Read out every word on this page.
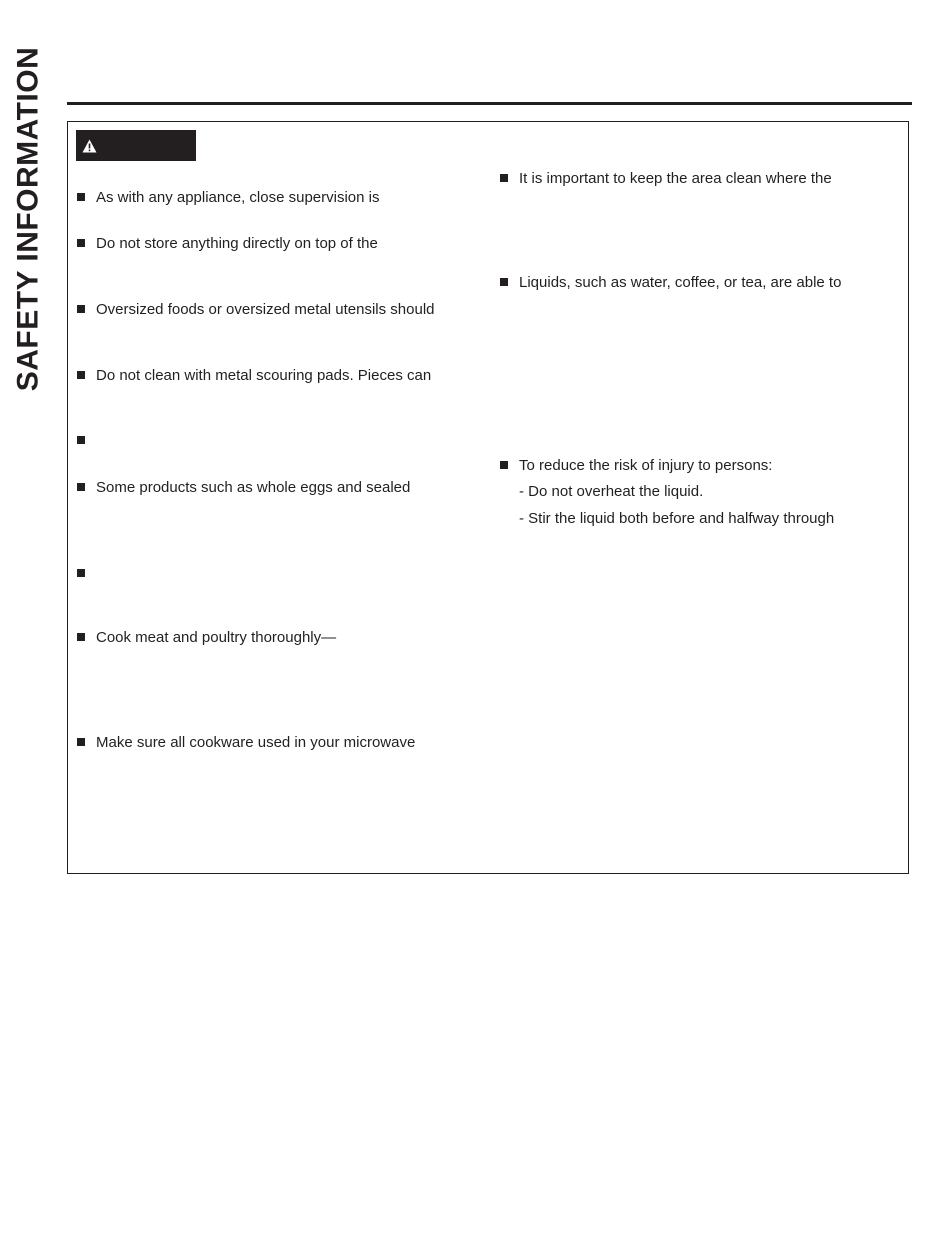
SAFETY INFORMATION	As with any appliance, close supervision is
Do not store anything directly on top of the
Oversized foods or oversized metal utensils should
Do not clean with metal scouring pads. Pieces can
Some products such as whole eggs and sealed
Cook meat and poultry thoroughly—
Make sure all cookware used in your microwave
It is important to keep the area clean where the
Liquids, such as water, coffee, or tea, are able to
To reduce the risk of injury to persons:
- Do not overheat the liquid.
- Stir the liquid both before and halfway through
